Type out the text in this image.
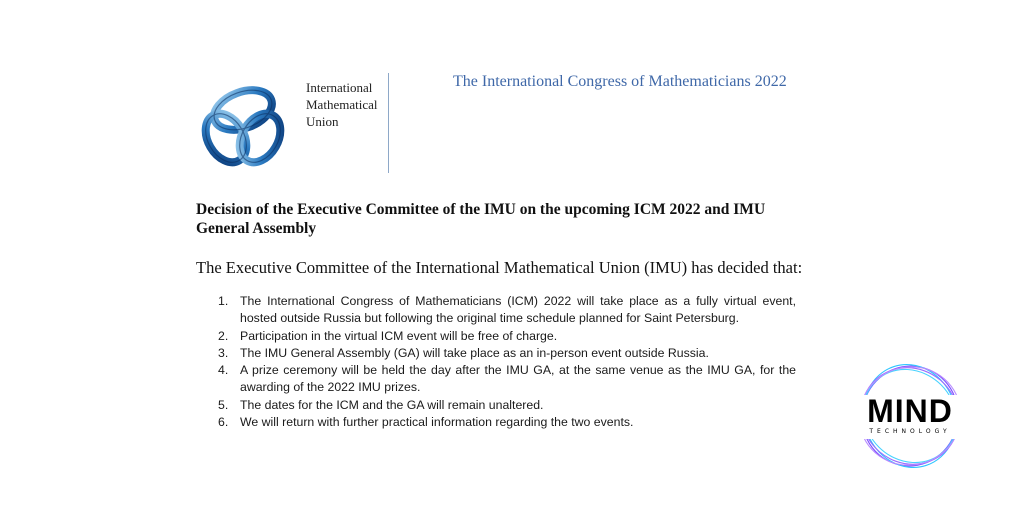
International
Mathematical
Union
The International Congress of Mathematicians 2022
Decision of the Executive Committee of the IMU on the upcoming ICM 2022 and IMU General Assembly
The Executive Committee of the International Mathematical Union (IMU) has decided that:
1. The International Congress of Mathematicians (ICM) 2022 will take place as a fully virtual event, hosted outside Russia but following the original time schedule planned for Saint Petersburg.
2. Participation in the virtual ICM event will be free of charge.
3. The IMU General Assembly (GA) will take place as an in-person event outside Russia.
4. A prize ceremony will be held the day after the IMU GA, at the same venue as the IMU GA, for the awarding of the 2022 IMU prizes.
5. The dates for the ICM and the GA will remain unaltered.
6. We will return with further practical information regarding the two events.	MIND
TECHNOLOGY
